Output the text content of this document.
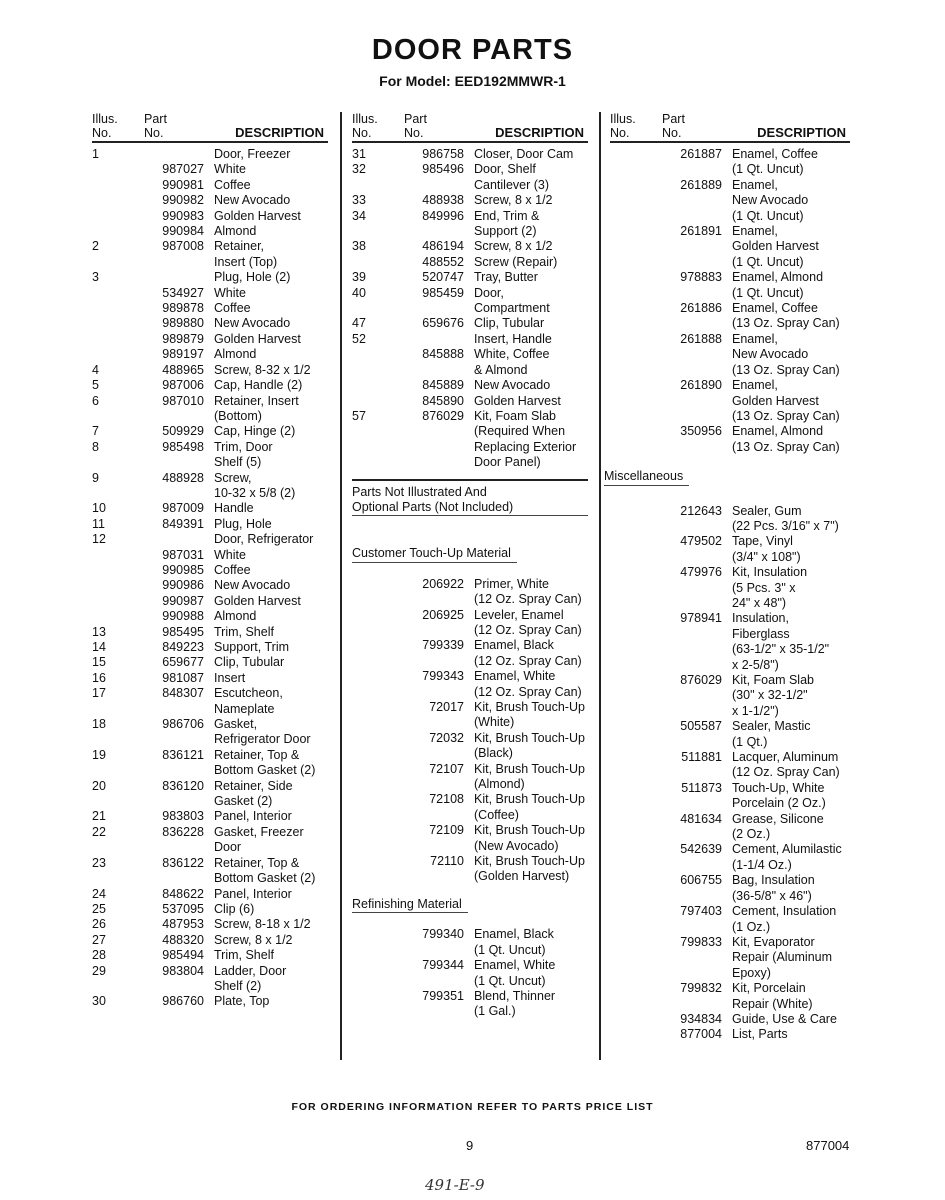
DOOR PARTS
For Model: EED192MMWR-1
Illus.
No.
Part
No.	DESCRIPTION
1	Door, Freezer
987027 White
990981 Coffee
990982 New Avocado
990983 Golden Harvest
990984 Almond
2	987008 Retainer,
Insert (Top)
3	Plug, Hole (2)
534927 White
989878 Coffee
989880 New Avocado
989879 Golden Harvest
989197 Almond
4	488965 Screw, 8-32 x 1/2
5	987006 Cap, Handle (2)
6	987010 Retainer, Insert
(Bottom)
7	509929 Cap, Hinge (2)
8	985498 Trim, Door
Shelf (5)
9	488928 Screw,
10-32 x 5/8 (2)
10	987009 Handle
11	849391 Plug, Hole
12	Door, Refrigerator
987031 White
990985 Coffee
990986 New Avocado
990987 Golden Harvest
990988 Almond
13	985495 Trim, Shelf
14	849223 Support, Trim
15	659677 Clip, Tubular
16	981087 Insert
17	848307 Escutcheon,
Nameplate
18	986706 Gasket,
Refrigerator Door
19	836121 Retainer, Top &
Bottom Gasket (2)
20	836120 Retainer, Side
Gasket (2)
21	983803 Panel, Interior
22	836228 Gasket, Freezer
Door
23	836122 Retainer, Top &
Bottom Gasket (2)
24	848622 Panel, Interior
25	537095 Clip (6)
26	487953 Screw, 8-18 x 1/2
27	488320 Screw, 8 x 1/2
28	985494 Trim, Shelf
29	983804 Ladder, Door
Shelf (2)
30	986760 Plate, Top
Illus.
No.
Part
No.	DESCRIPTION
31	986758 Closer, Door Cam
32	985496 Door, Shelf
Cantilever (3)
33	488938 Screw, 8 x 1/2
34	849996 End, Trim &
Support (2)
38	486194 Screw, 8 x 1/2
488552 Screw (Repair)
39	520747 Tray, Butter
40	985459 Door,
Compartment
47	659676 Clip, Tubular
52	Insert, Handle
845888 White, Coffee
& Almond
845889 New Avocado
845890 Golden Harvest
57	876029 Kit, Foam Slab
(Required When
Replacing Exterior
Door Panel)
Parts Not Illustrated And
Optional Parts (Not Included)
Customer Touch-Up Material
206922 Primer, White
(12 Oz. Spray Can)
206925 Leveler, Enamel
(12 Oz. Spray Can)
799339 Enamel, Black
(12 Oz. Spray Can)
799343 Enamel, White
(12 Oz. Spray Can)
72017 Kit, Brush Touch-Up
(White)
72032 Kit, Brush Touch-Up
(Black)
72107 Kit, Brush Touch-Up
(Almond)
72108 Kit, Brush Touch-Up
(Coffee)
72109 Kit, Brush Touch-Up
(New Avocado)
72110 Kit, Brush Touch-Up
(Golden Harvest)
Refinishing Material
799340 Enamel, Black
(1 Qt. Uncut)
799344 Enamel, White
(1 Qt. Uncut)
799351 Blend, Thinner
(1 Gal.)
Illus.
No.
Part
No.	DESCRIPTION
261887 Enamel, Coffee
(1 Qt. Uncut)
261889 Enamel,
New Avocado
(1 Qt. Uncut)
261891 Enamel,
Golden Harvest
(1 Qt. Uncut)
978883 Enamel, Almond
(1 Qt. Uncut)
261886 Enamel, Coffee
(13 Oz. Spray Can)
261888 Enamel,
New Avocado
(13 Oz. Spray Can)
261890 Enamel,
Golden Harvest
(13 Oz. Spray Can)
350956 Enamel, Almond
(13 Oz. Spray Can)
Miscellaneous
212643 Sealer, Gum
(22 Pcs. 3/16" x 7")
479502 Tape, Vinyl
(3/4" x 108")
479976 Kit, Insulation
(5 Pcs. 3" x
24" x 48")
978941 Insulation,
Fiberglass
(63-1/2" x 35-1/2"
x 2-5/8")
876029 Kit, Foam Slab
(30" x 32-1/2"
x 1-1/2")
505587 Sealer, Mastic
(1 Qt.)
511881 Lacquer, Aluminum
(12 Oz. Spray Can)
511873 Touch-Up, White
Porcelain (2 Oz.)
481634 Grease, Silicone
(2 Oz.)
542639 Cement, Alumilastic
(1-1/4 Oz.)
606755 Bag, Insulation
(36-5/8" x 46")
797403 Cement, Insulation
(1 Oz.)
799833 Kit, Evaporator
Repair (Aluminum
Epoxy)
799832 Kit, Porcelain
Repair (White)
934834 Guide, Use & Care
877004 List, Parts
FOR ORDERING INFORMATION REFER TO PARTS PRICE LIST
9	877004
491-E-9
